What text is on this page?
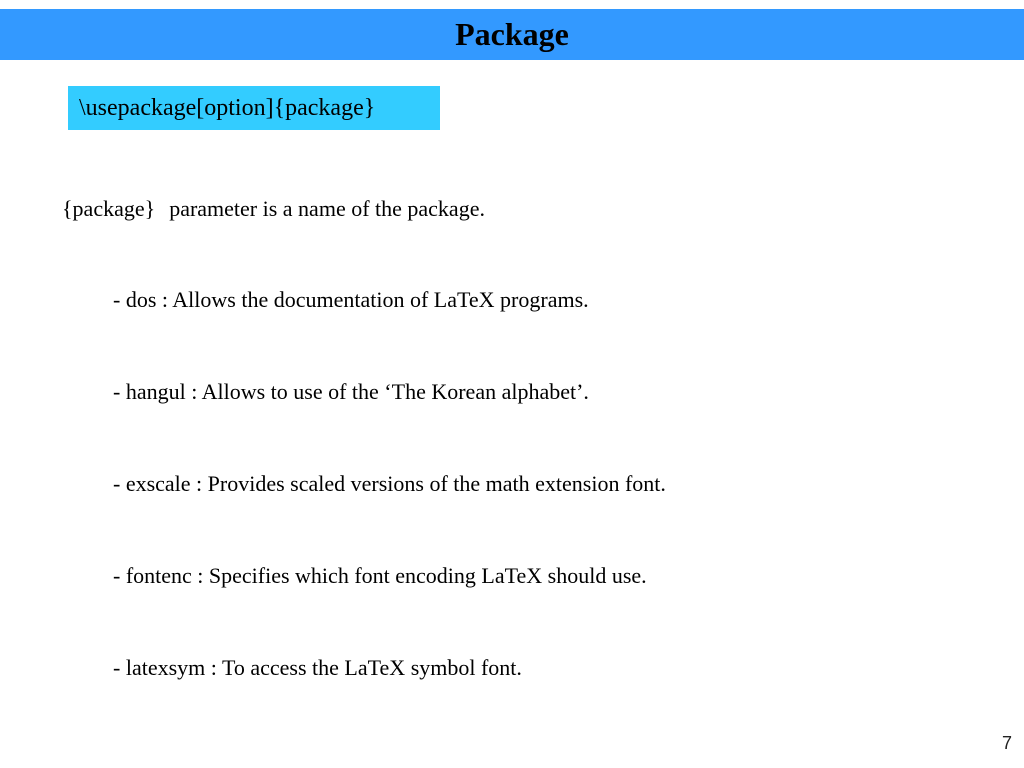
Package
\usepackage[option]{package}
{package} parameter is a name of the package.
- dos : Allows the documentation of LaTeX programs.
- hangul : Allows to use of the ‘The Korean alphabet’.
- exscale : Provides scaled versions of the math extension font.
- fontenc : Specifies which font encoding LaTeX should use.
- latexsym : To access the LaTeX symbol font.
7
